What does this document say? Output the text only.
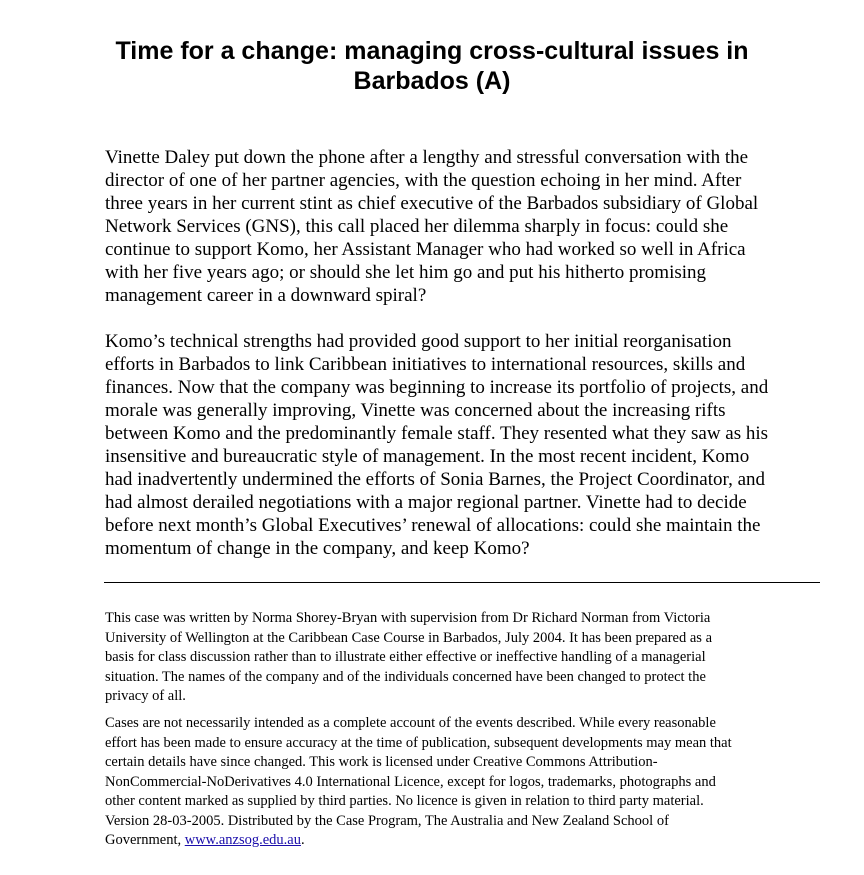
Time for a change: managing cross-cultural issues in
Barbados (A)

Vinette Daley put down the phone after a lengthy and stressful conversation with the
director of one of her partner agencies, with the question echoing in her mind. After
three years in her current stint as chief executive of the Barbados subsidiary of Global
Network Services (GNS), this call placed her dilemma sharply in focus: could she
continue to support Komo, her Assistant Manager who had worked so well in Africa
with her five years ago; or should she let him go and put his hitherto promising
management career in a downward spiral?

Komo’s technical strengths had provided good support to her initial reorganisation
efforts in Barbados to link Caribbean initiatives to international resources, skills and
finances. Now that the company was beginning to increase its portfolio of projects, and
morale was generally improving, Vinette was concerned about the increasing rifts
between Komo and the predominantly female staff. They resented what they saw as his
insensitive and bureaucratic style of management. In the most recent incident, Komo
had inadvertently undermined the efforts of Sonia Barnes, the Project Coordinator, and
had almost derailed negotiations with a major regional partner. Vinette had to decide
before next month’s Global Executives’ renewal of allocations: could she maintain the
momentum of change in the company, and keep Komo?

This case was written by Norma Shorey-Bryan with supervision from Dr Richard Norman from Victoria
University of Wellington at the Caribbean Case Course in Barbados, July 2004. It has been prepared as a
basis for class discussion rather than to illustrate either effective or ineffective handling of a managerial
situation. The names of the company and of the individuals concerned have been changed to protect the
privacy of all.

Cases are not necessarily intended as a complete account of the events described. While every reasonable
effort has been made to ensure accuracy at the time of publication, subsequent developments may mean that
certain details have since changed. This work is licensed under Creative Commons Attribution-
NonCommercial-NoDerivatives 4.0 International Licence, except for logos, trademarks, photographs and
other content marked as supplied by third parties. No licence is given in relation to third party material.
Version 28-03-2005. Distributed by the Case Program, The Australia and New Zealand School of
Government, www.anzsog.edu.au.
